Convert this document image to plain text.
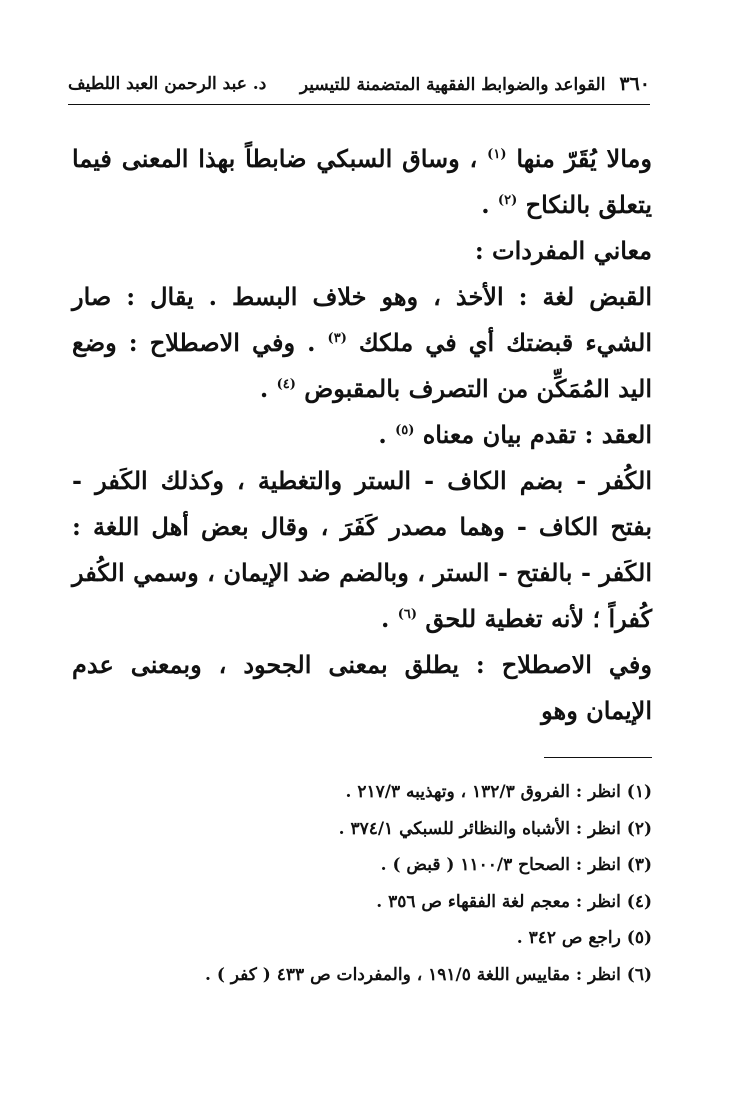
٣٦٠ القواعد والضوابط الفقهية المتضمنة للتيسير
د. عبد الرحمن العبد اللطيف

ومالا يُقَرّ منها $^{(١)}$ ، وساق السبكي ضابطاً بهذا المعنى فيما يتعلق بالنكاح $^{(٢)}$ .

معاني المفردات :

القبض لغة : الأخذ ، وهو خلاف البسط . يقال : صار الشيء قبضتك أي في ملكك $^{(٣)}$ . وفي الاصطلاح : وضع اليد المُمَكِّن من التصرف بالمقبوض $^{(٤)}$ .

العقد : تقدم بيان معناه $^{(٥)}$ .

الكُفر - بضم الكاف - الستر والتغطية ، وكذلك الكَفر - بفتح الكاف - وهما مصدر كَفَرَ ، وقال بعض أهل اللغة : الكَفر - بالفتح - الستر ، وبالضم ضد الإيمان ، وسمي الكُفر كُفراً ؛ لأنه تغطية للحق $^{(٦)}$ .

وفي الاصطلاح : يطلق بمعنى الجحود ، وبمعنى عدم الإيمان وهو

(١) انظر : الفروق ١٣٢/٣ ، وتهذيبه ٢١٧/٣ .
(٢) انظر : الأشباه والنظائر للسبكي ٣٧٤/١ .
(٣) انظر : الصحاح ١١٠٠/٣ ( قبض ) .
(٤) انظر : معجم لغة الفقهاء ص ٣٥٦ .
(٥) راجع ص ٣٤٢ .
(٦) انظر : مقاييس اللغة ١٩١/٥ ، والمفردات ص ٤٣٣ ( كفر ) .
